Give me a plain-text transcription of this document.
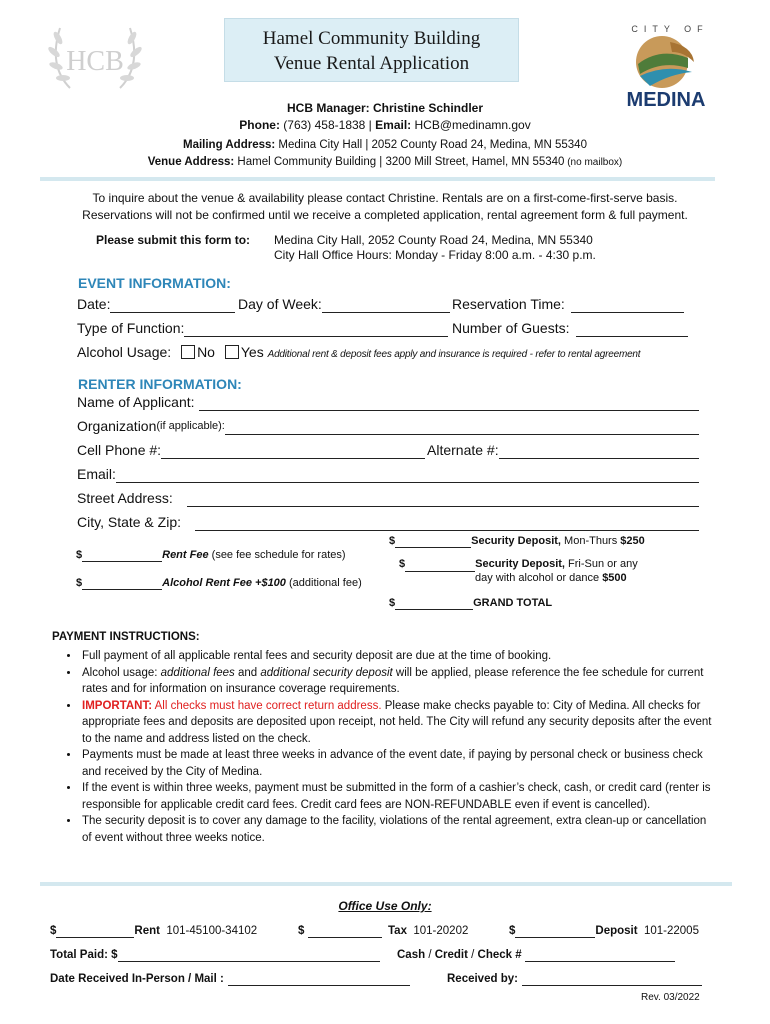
HCB
Hamel Community Building
Venue Rental Application
CITY OF
MEDINA
HCB Manager: Christine Schindler
Phone: (763) 458-1838 | Email: HCB@medinamn.gov
Mailing Address: Medina City Hall | 2052 County Road 24, Medina, MN 55340
Venue Address: Hamel Community Building | 3200 Mill Street, Hamel, MN 55340 (no mailbox)
To inquire about the venue & availability please contact Christine. Rentals are on a first-come-first-serve basis.
Reservations will not be confirmed until we receive a completed application, rental agreement form & full payment.
Please submit this form to: Medina City Hall, 2052 County Road 24, Medina, MN 55340
City Hall Office Hours: Monday - Friday 8:00 a.m. - 4:30 p.m.
EVENT INFORMATION:
Date:	Day of Week:	Reservation Time:
Type of Function:	Number of Guests:
Alcohol Usage: No Yes Additional rent & deposit fees apply and insurance is required - refer to rental agreement
RENTER INFORMATION:
Name of Applicant:

Organization (if applicable):

Cell Phone #:	Alternate #:

Email:

Street Address:

City, State & Zip:

$	Rent Fee (see fee schedule for rates)
$	Alcohol Rent Fee +$100 (additional fee)
$	Security Deposit, Mon-Thurs $250
$	Security Deposit, Fri-Sun or any
day with alcohol or dance $500
$	GRAND TOTAL
PAYMENT INSTRUCTIONS:
• Full payment of all applicable rental fees and security deposit are due at the time of booking.
• Alcohol usage: additional fees and additional security deposit will be applied, please reference the fee schedule for current rates and for information on insurance coverage requirements.
• IMPORTANT: All checks must have correct return address. Please make checks payable to: City of Medina. All checks for appropriate fees and deposits are deposited upon receipt, not held. The City will refund any security deposits after the event to the name and address listed on the check.
• Payments must be made at least three weeks in advance of the event date, if paying by personal check or business check and received by the City of Medina.
• If the event is within three weeks, payment must be submitted in the form of a cashier’s check, cash, or credit card (renter is responsible for applicable credit card fees. Credit card fees are NON-REFUNDABLE even if event is cancelled).
• The security deposit is to cover any damage to the facility, violations of the rental agreement, extra clean-up or cancellation of event without three weeks notice.
Office Use Only:
$	Rent 101-45100-34102	$	Tax 101-20202	$	Deposit 101-22005
Total Paid: $	Cash / Credit / Check #
Date Received In-Person / Mail :	Received by:
Rev. 03/2022
